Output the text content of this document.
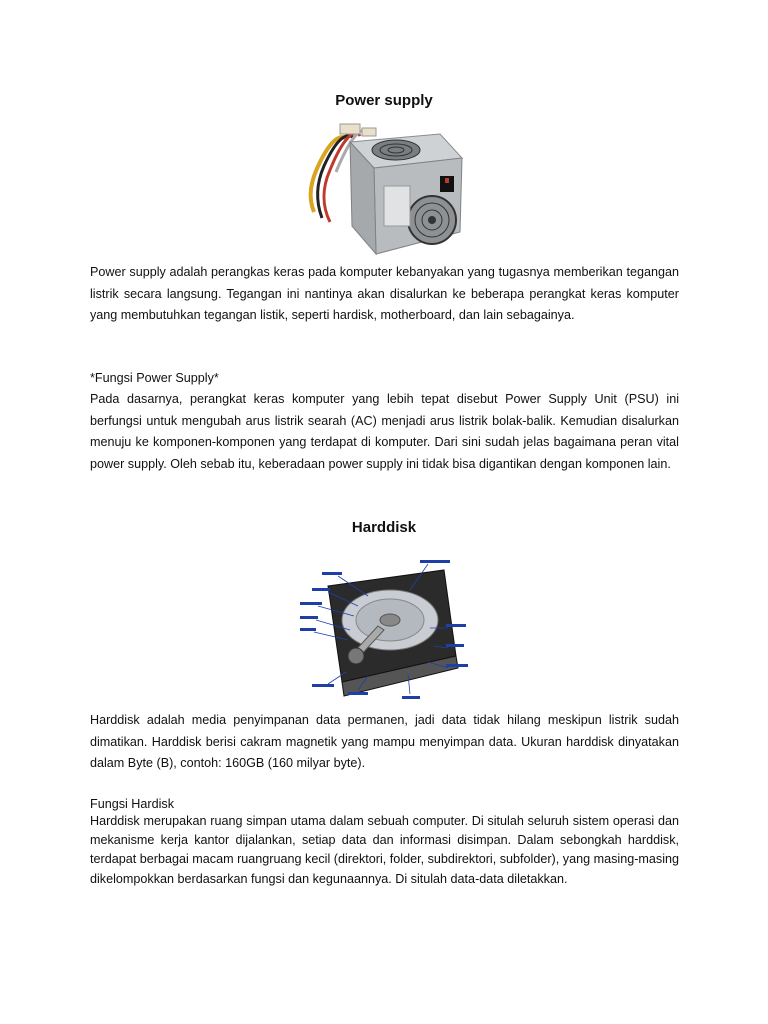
Power supply
Power supply adalah perangkas keras pada komputer kebanyakan yang tugasnya memberikan tegangan listrik secara langsung. Tegangan ini nantinya akan disalurkan ke beberapa perangkat keras komputer yang membutuhkan tegangan listik, seperti hardisk, motherboard, dan lain sebagainya.
*Fungsi Power Supply*
Pada dasarnya, perangkat keras komputer yang lebih tepat disebut Power Supply Unit (PSU) ini berfungsi untuk mengubah arus listrik searah (AC) menjadi arus listrik bolak-balik. Kemudian disalurkan menuju ke komponen-komponen yang terdapat di komputer. Dari sini sudah jelas bagaimana peran vital power supply. Oleh sebab itu, keberadaan power supply ini tidak bisa digantikan dengan komponen lain.
Harddisk
Harddisk adalah media penyimpanan data permanen, jadi data tidak hilang meskipun listrik sudah dimatikan. Harddisk berisi cakram magnetik yang mampu menyimpan data. Ukuran harddisk dinyatakan dalam Byte (B), contoh: 160GB (160 milyar byte).
Fungsi Hardisk
Harddisk merupakan ruang simpan utama dalam sebuah computer. Di situlah seluruh sistem operasi dan mekanisme kerja kantor dijalankan, setiap data dan informasi disimpan. Dalam sebongkah harddisk, terdapat berbagai macam ruangruang kecil (direktori, folder, subdirektori, subfolder), yang masing-masing dikelompokkan berdasarkan fungsi dan kegunaannya. Di situlah data-data diletakkan.
